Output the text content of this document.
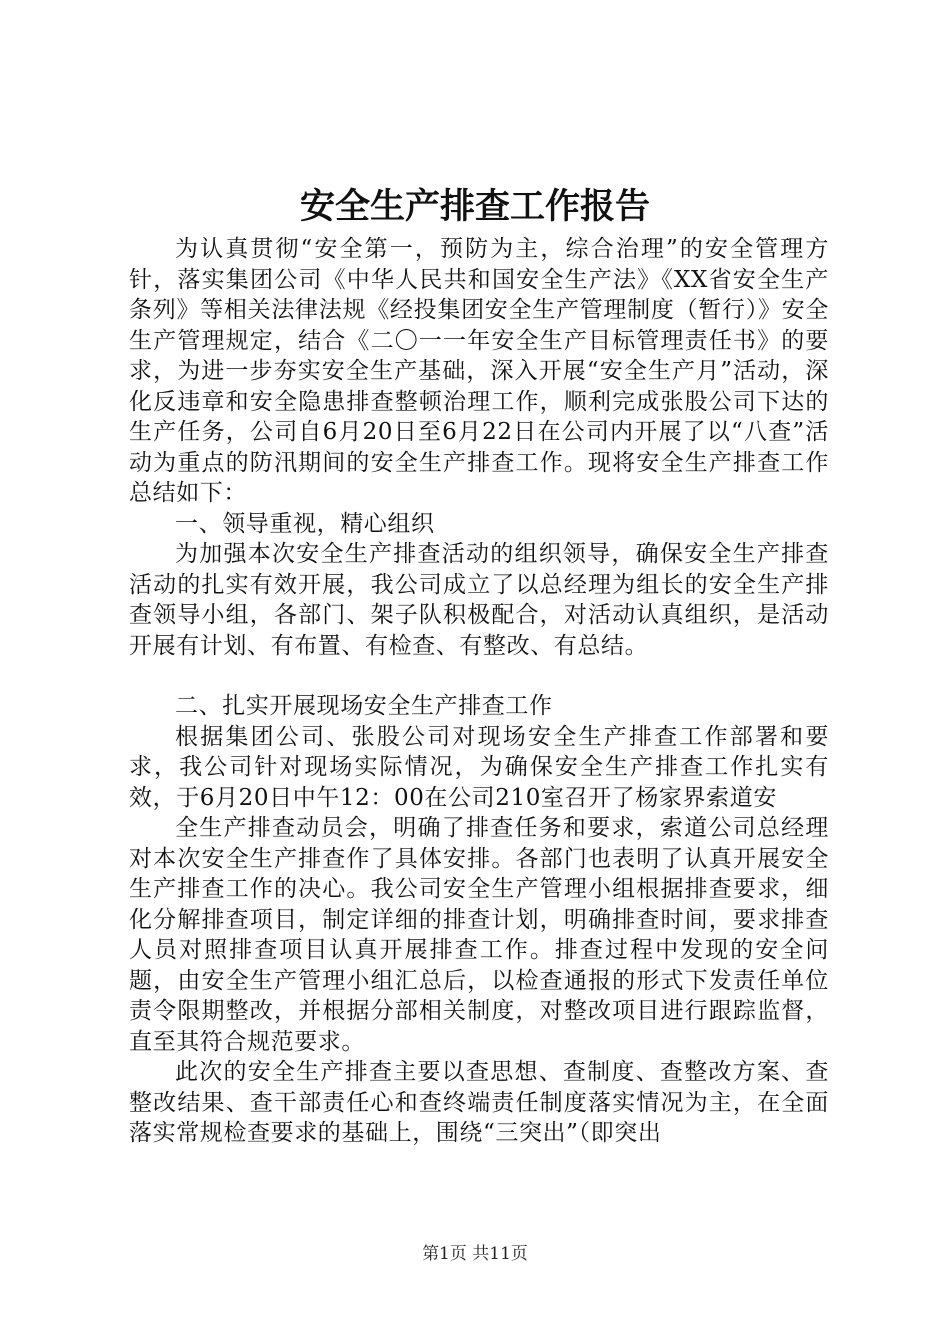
安全生产排查工作报告

为认真贯彻“安全第一，预防为主，综合治理”的安全管理方针，落实集团公司《中华人民共和国安全生产法》《XX省安全生产条列》等相关法律法规《经投集团安全生产管理制度（暂行）》安全生产管理规定，结合《二〇一一年安全生产目标管理责任书》的要求，为进一步夯实安全生产基础，深入开展“安全生产月”活动，深化反违章和安全隐患排查整顿治理工作，顺利完成张股公司下达的生产任务，公司自6月20日至6月22日在公司内开展了以“八查”活动为重点的防汛期间的安全生产排查工作。现将安全生产排查工作总结如下：

一、领导重视，精心组织

为加强本次安全生产排查活动的组织领导，确保安全生产排查活动的扎实有效开展，我公司成立了以总经理为组长的安全生产排查领导小组，各部门、架子队积极配合，对活动认真组织，是活动开展有计划、有布置、有检查、有整改、有总结。

二、扎实开展现场安全生产排查工作

根据集团公司、张股公司对现场安全生产排查工作部署和要求，我公司针对现场实际情况，为确保安全生产排查工作扎实有效，于6月20日中午12：00在公司210室召开了杨家界索道安

全生产排查动员会，明确了排查任务和要求，索道公司总经理对本次安全生产排查作了具体安排。各部门也表明了认真开展安全生产排查工作的决心。我公司安全生产管理小组根据排查要求，细化分解排查项目，制定详细的排查计划，明确排查时间，要求排查人员对照排查项目认真开展排查工作。排查过程中发现的安全问题，由安全生产管理小组汇总后，以检查通报的形式下发责任单位责令限期整改，并根据分部相关制度，对整改项目进行跟踪监督，直至其符合规范要求。

此次的安全生产排查主要以查思想、查制度、查整改方案、查整改结果、查干部责任心和查终端责任制度落实情况为主，在全面落实常规检查要求的基础上，围绕“三突出”（即突出

第1页 共11页
